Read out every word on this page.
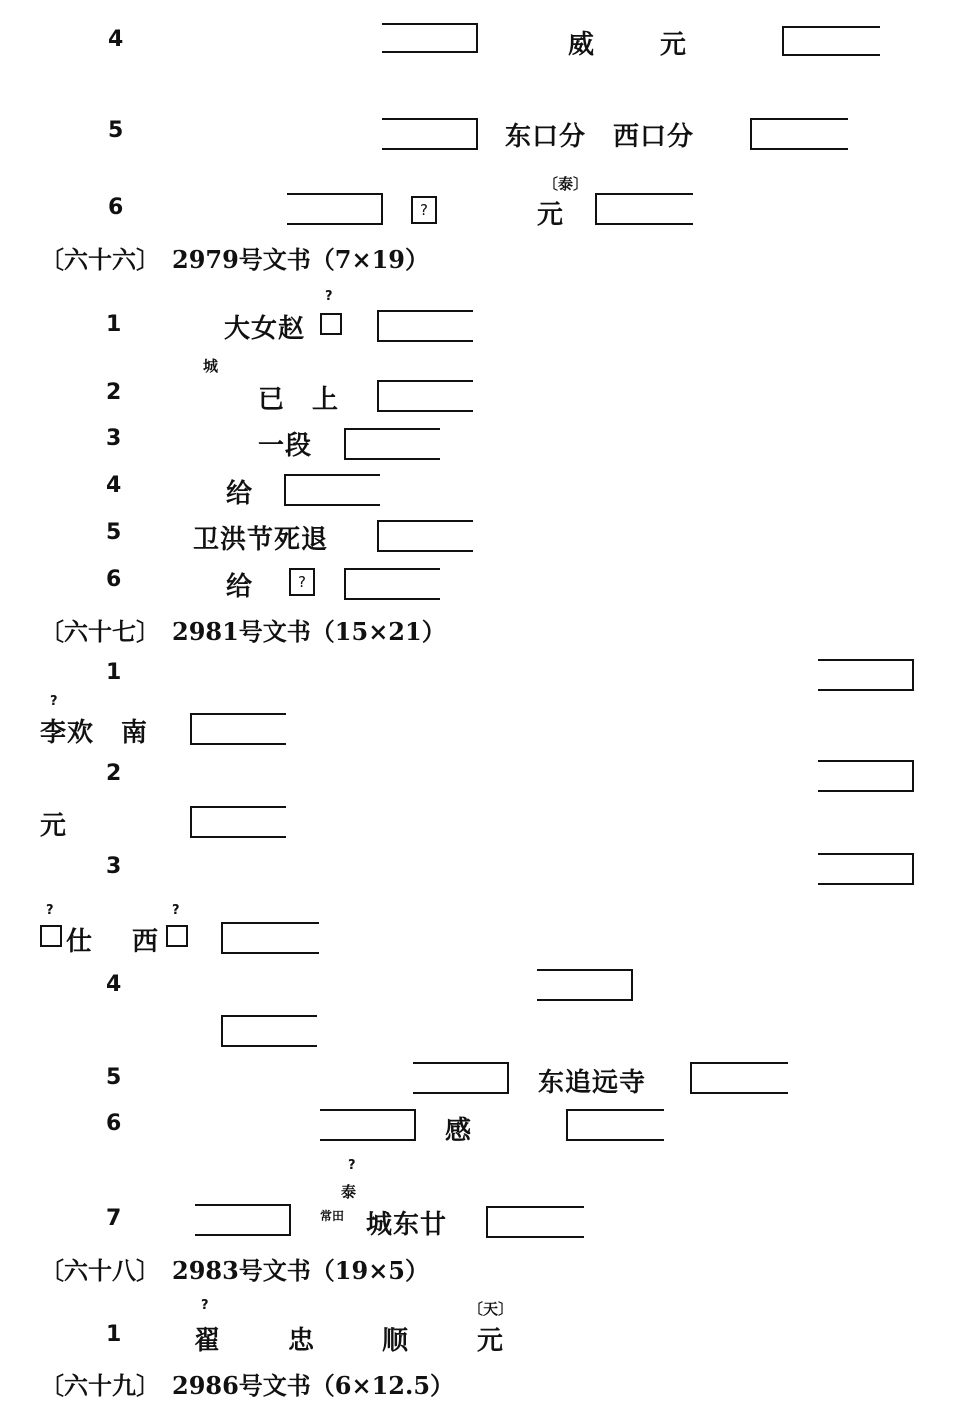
4	威 元
5	东口分　西口分
6	?
〔泰〕
元
〔六十六〕　2979号文书（7×19）
1
?
大女赵
2
城
已　上
3	一段
4	给
5	卫洪节死退
6	给	?
〔六十七〕　2981号文书（15×21）
1
?
李欢　南
2
元
3
?
仕 西
?
4
5	东追远寺
6	感
?
泰
7	常田 城东廿
〔六十八〕　2983号文书（19×5）
?	〔天〕
1	翟	忠	顺	元
〔六十九〕　2986号文书（6×12.5）
